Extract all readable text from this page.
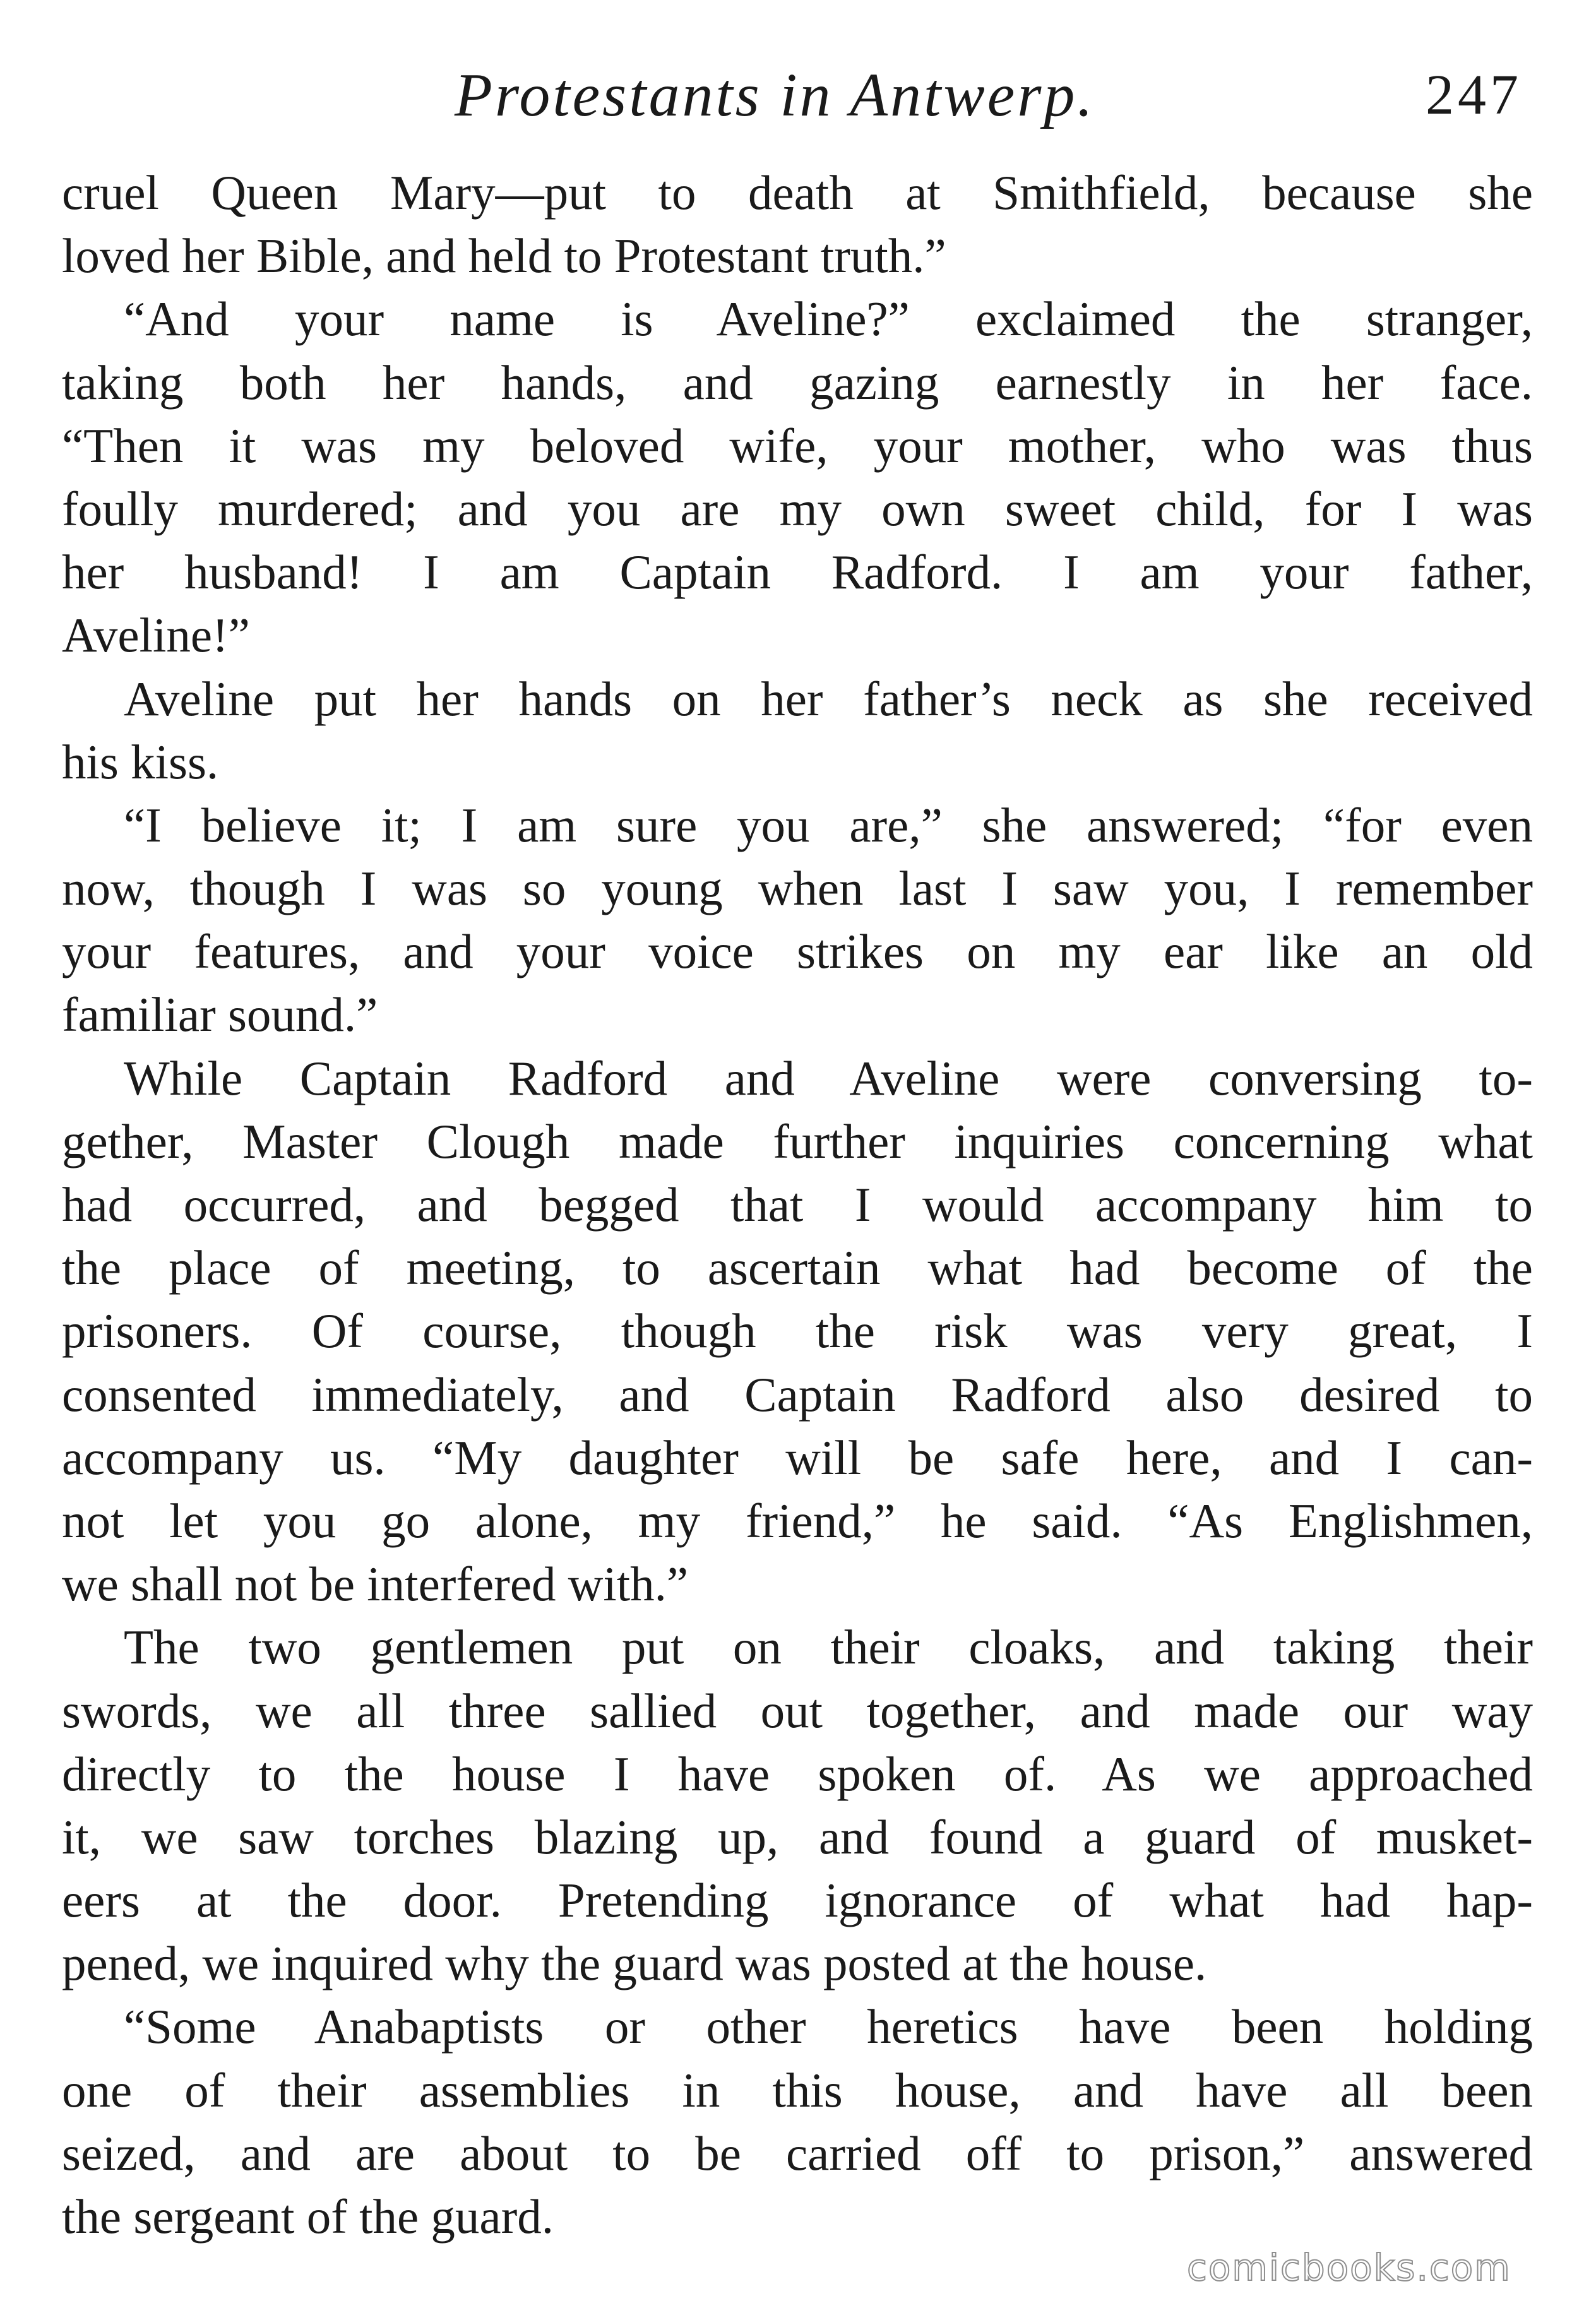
Protestants in Antwerp.	247
cruel Queen Mary—put to death at Smithfield, because she
loved her Bible, and held to Protestant truth.”
“And your name is Aveline?” exclaimed the stranger,
taking both her hands, and gazing earnestly in her face.
“Then it was my beloved wife, your mother, who was thus
foully murdered; and you are my own sweet child, for I was
her husband! I am Captain Radford. I am your father,
Aveline!”
Aveline put her hands on her father’s neck as she received
his kiss.
“I believe it; I am sure you are,” she answered; “for even
now, though I was so young when last I saw you, I remember
your features, and your voice strikes on my ear like an old
familiar sound.”
While Captain Radford and Aveline were conversing to-
gether, Master Clough made further inquiries concerning what
had occurred, and begged that I would accompany him to
the place of meeting, to ascertain what had become of the
prisoners. Of course, though the risk was very great, I
consented immediately, and Captain Radford also desired to
accompany us. “My daughter will be safe here, and I can-
not let you go alone, my friend,” he said. “As Englishmen,
we shall not be interfered with.”
The two gentlemen put on their cloaks, and taking their
swords, we all three sallied out together, and made our way
directly to the house I have spoken of. As we approached
it, we saw torches blazing up, and found a guard of musket-
eers at the door. Pretending ignorance of what had hap-
pened, we inquired why the guard was posted at the house.
“Some Anabaptists or other heretics have been holding
one of their assemblies in this house, and have all been
seized, and are about to be carried off to prison,” answered
the sergeant of the guard.
comicbooks.com
